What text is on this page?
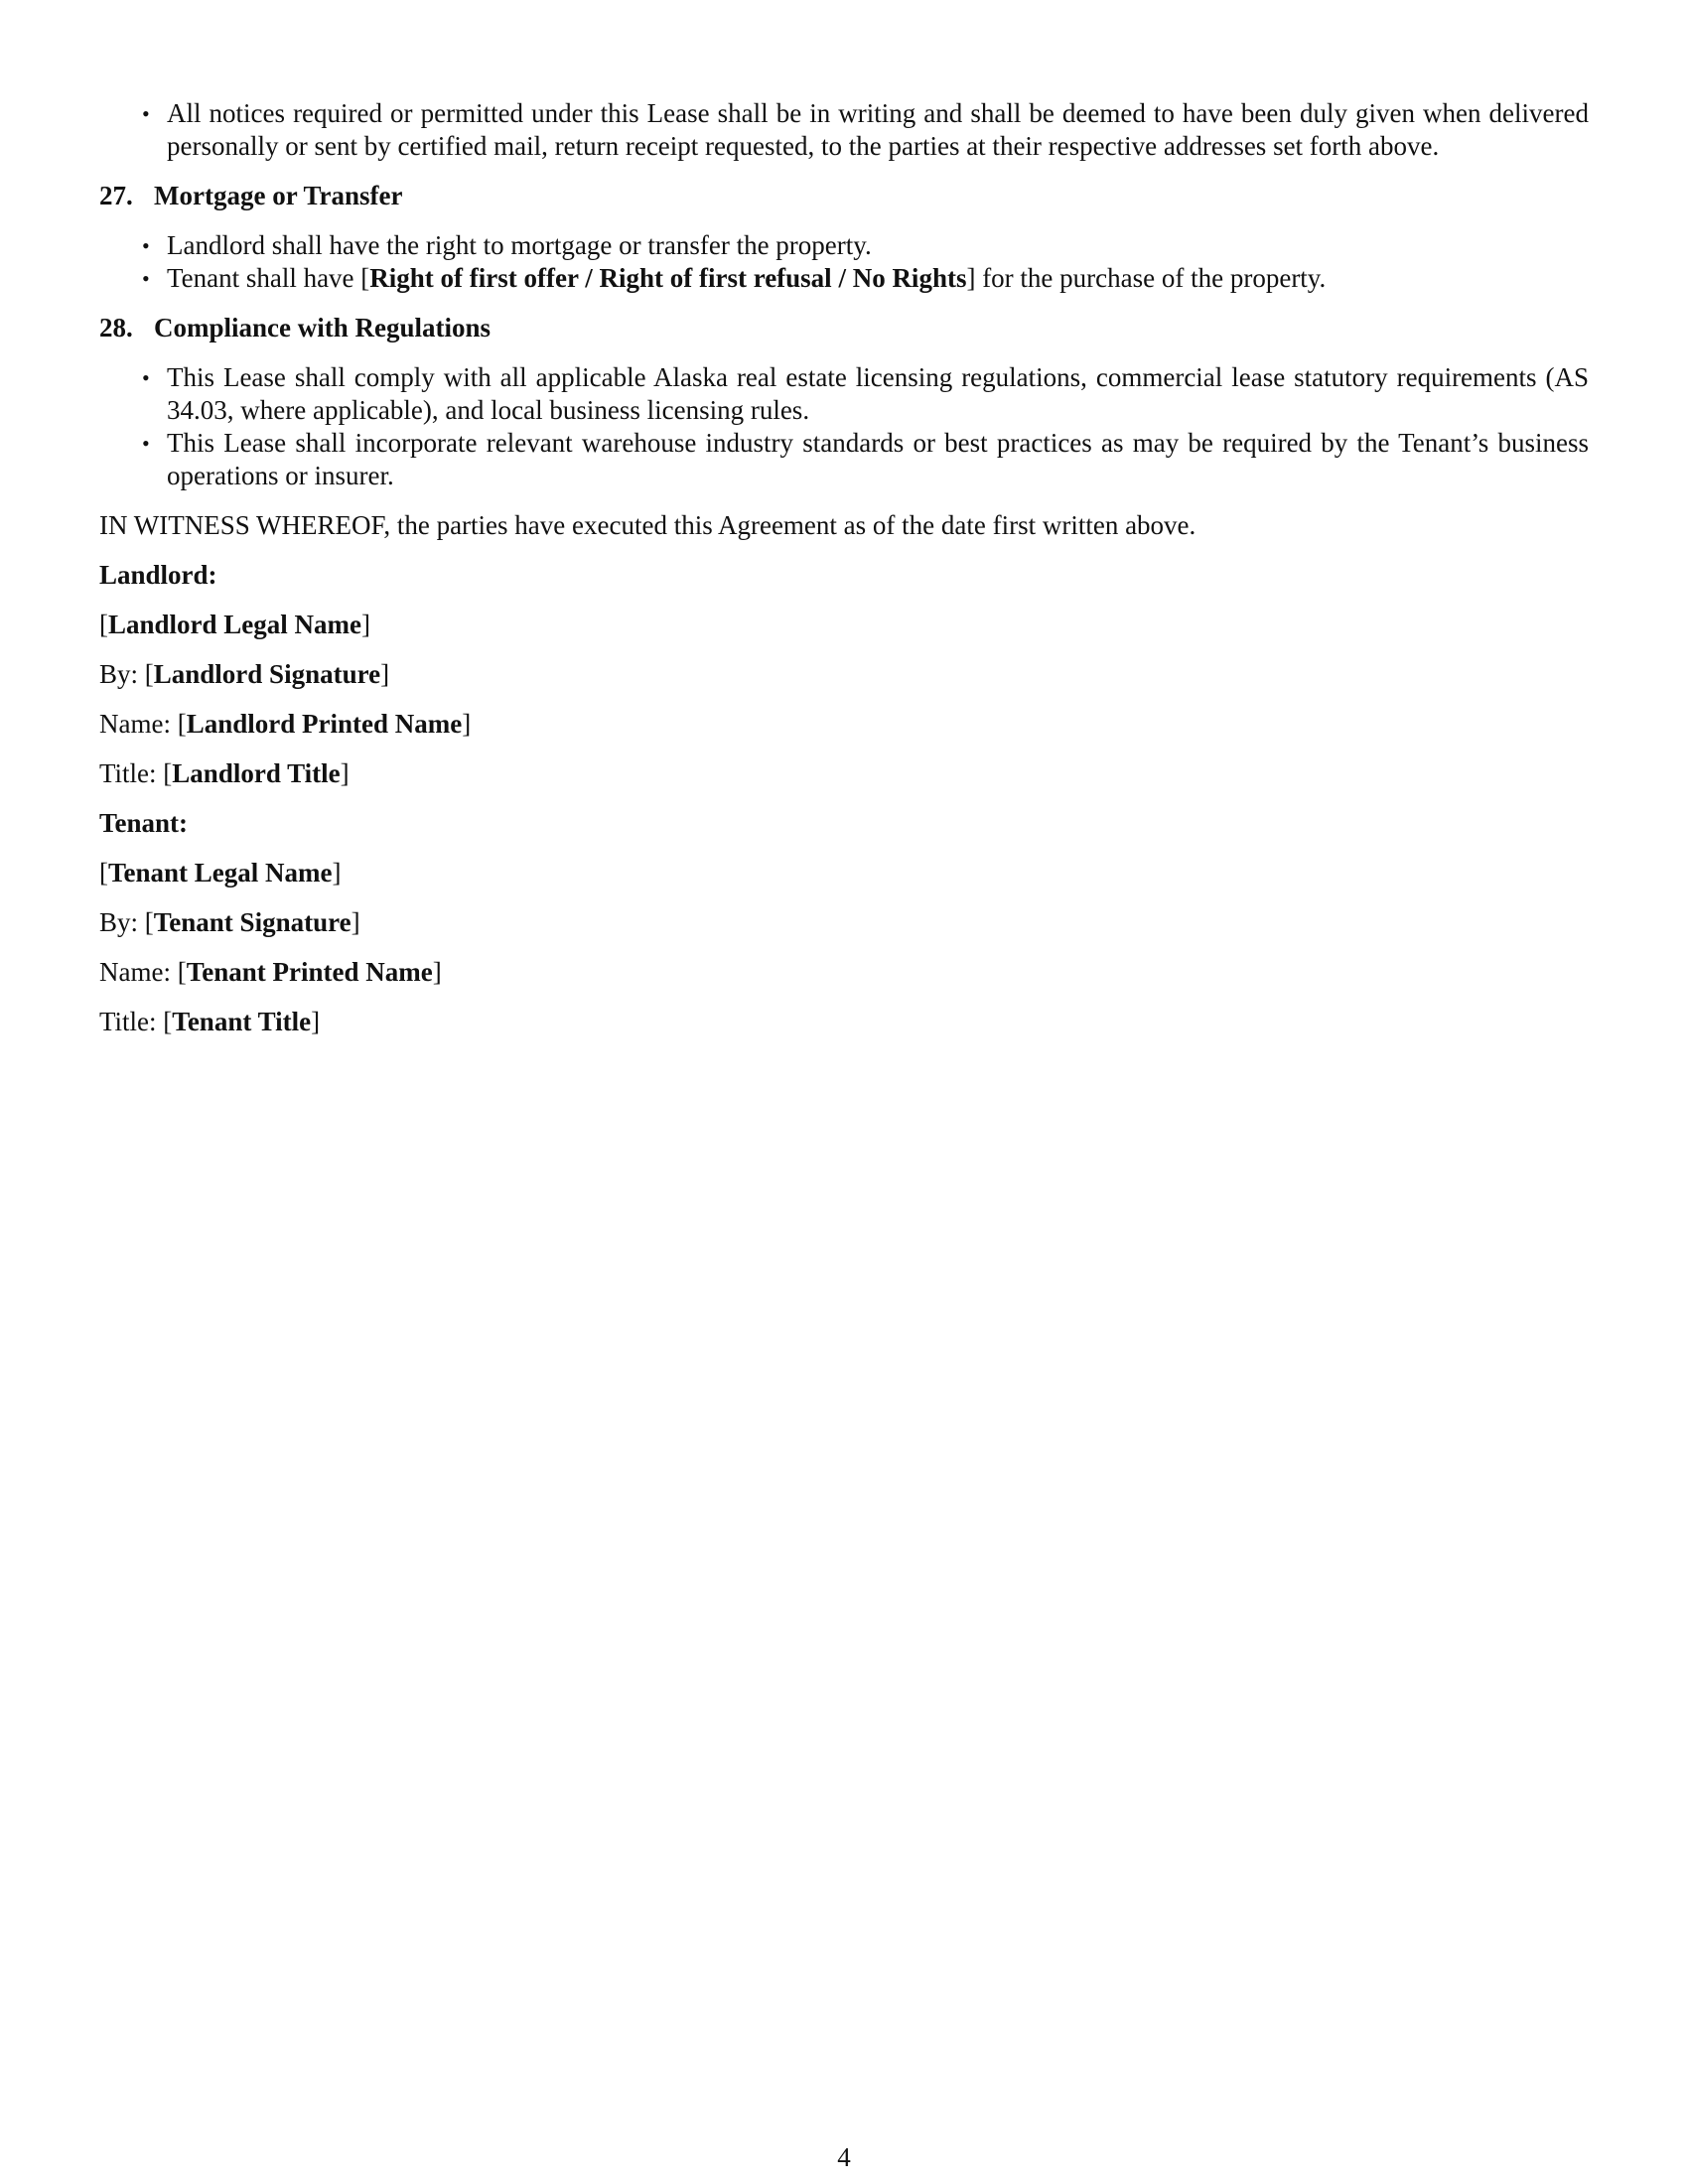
• All notices required or permitted under this Lease shall be in writing and shall be deemed to have been duly given when delivered personally or sent by certified mail, return receipt requested, to the parties at their respective addresses set forth above.
27. Mortgage or Transfer
• Landlord shall have the right to mortgage or transfer the property.
• Tenant shall have [Right of first offer / Right of first refusal / No Rights] for the purchase of the property.
28. Compliance with Regulations
• This Lease shall comply with all applicable Alaska real estate licensing regulations, commercial lease statutory requirements (AS 34.03, where applicable), and local business licensing rules.
• This Lease shall incorporate relevant warehouse industry standards or best practices as may be required by the Tenant’s business operations or insurer.
IN WITNESS WHEREOF, the parties have executed this Agreement as of the date first written above.
Landlord:
[Landlord Legal Name]
By: [Landlord Signature]
Name: [Landlord Printed Name]
Title: [Landlord Title]
Tenant:
[Tenant Legal Name]
By: [Tenant Signature]
Name: [Tenant Printed Name]
Title: [Tenant Title]
4
